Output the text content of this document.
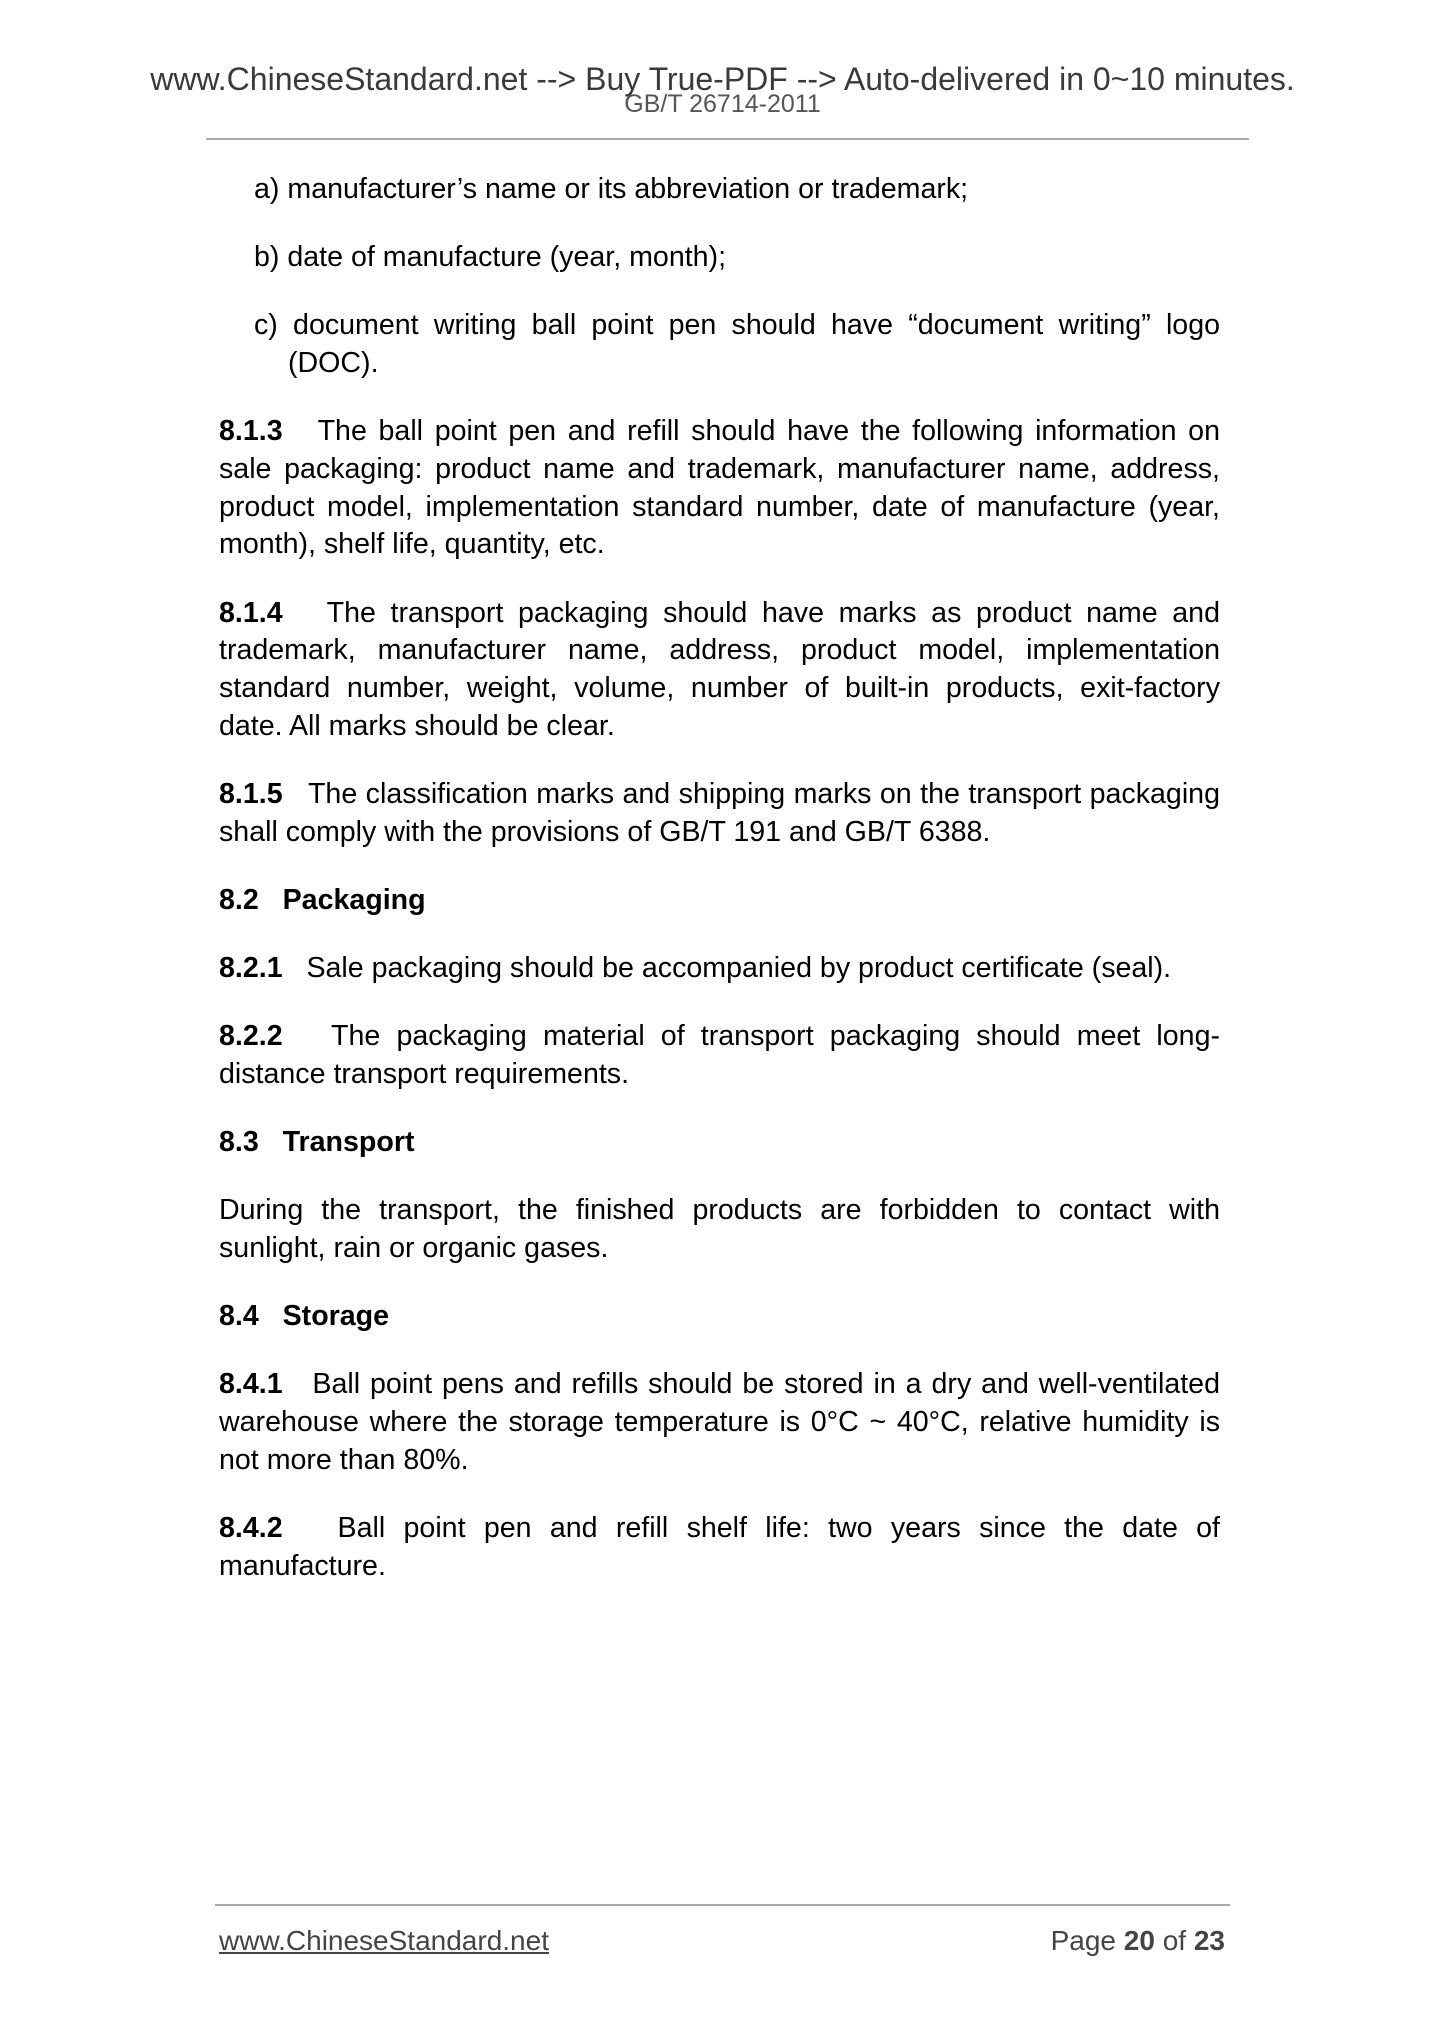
www.ChineseStandard.net --> Buy True-PDF --> Auto-delivered in 0~10 minutes.
GB/T 26714-2011
a) manufacturer’s name or its abbreviation or trademark;
b) date of manufacture (year, month);
c) document writing ball point pen should have “document writing” logo (DOC).
8.1.3 The ball point pen and refill should have the following information on sale packaging: product name and trademark, manufacturer name, address, product model, implementation standard number, date of manufacture (year, month), shelf life, quantity, etc.
8.1.4 The transport packaging should have marks as product name and trademark, manufacturer name, address, product model, implementation standard number, weight, volume, number of built-in products, exit-factory date. All marks should be clear.
8.1.5 The classification marks and shipping marks on the transport packaging shall comply with the provisions of GB/T 191 and GB/T 6388.
8.2 Packaging
8.2.1 Sale packaging should be accompanied by product certificate (seal).
8.2.2 The packaging material of transport packaging should meet long-distance transport requirements.
8.3 Transport
During the transport, the finished products are forbidden to contact with sunlight, rain or organic gases.
8.4 Storage
8.4.1 Ball point pens and refills should be stored in a dry and well-ventilated warehouse where the storage temperature is 0°C ~ 40°C, relative humidity is not more than 80%.
8.4.2 Ball point pen and refill shelf life: two years since the date of manufacture.
www.ChineseStandard.net	Page 20 of 23
